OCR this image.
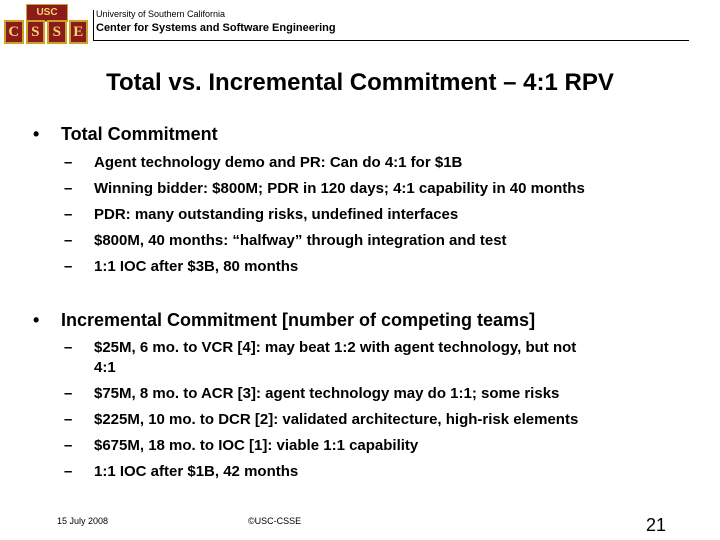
USC
C S S E
University of Southern California
Center for Systems and Software Engineering
Total vs. Incremental Commitment – 4:1 RPV
• Total Commitment
–	Agent technology demo and PR: Can do 4:1 for $1B
–	Winning bidder: $800M; PDR in 120 days; 4:1 capability in 40 months
–	PDR: many outstanding risks, undefined interfaces
–	$800M, 40 months: “halfway” through integration and test
–	1:1 IOC after $3B, 80 months
• Incremental Commitment [number of competing teams]
–	$25M, 6 mo. to VCR [4]: may beat 1:2 with agent technology, but not
4:1
–	$75M, 8 mo. to ACR [3]: agent technology may do 1:1; some risks
–	$225M, 10 mo. to DCR [2]: validated architecture, high-risk elements
–	$675M, 18 mo. to IOC [1]: viable 1:1 capability
–	1:1 IOC after $1B, 42 months
15 July 2008	©USC-CSSE	21
